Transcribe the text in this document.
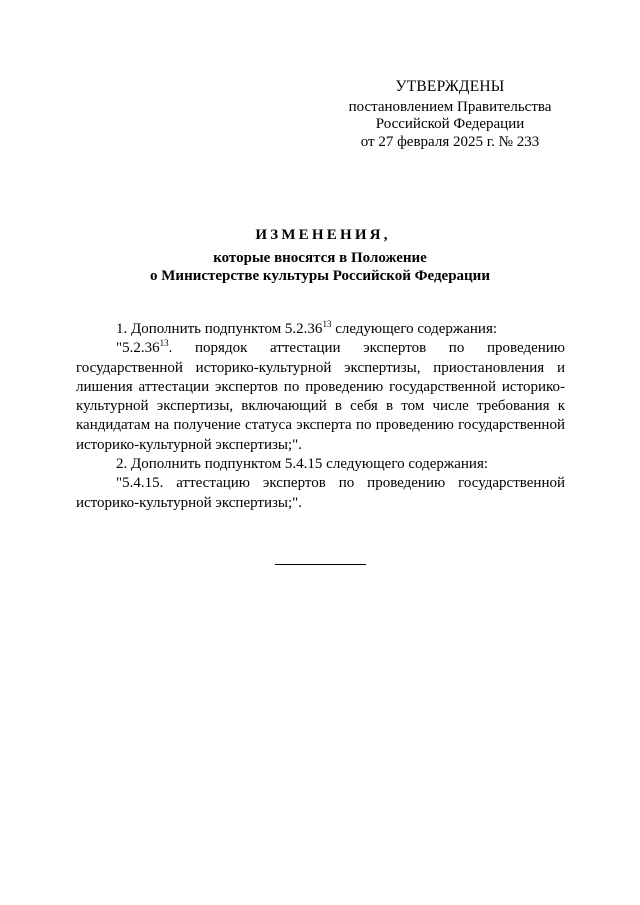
УТВЕРЖДЕНЫ
постановлением Правительства
Российской Федерации
от 27 февраля 2025 г. № 233
ИЗМЕНЕНИЯ,
которые вносятся в Положение
о Министерстве культуры Российской Федерации

1. Дополнить подпунктом 5.2.36$^{13}$ следующего содержания:

"5.2.36$^{13}$. порядок аттестации экспертов по проведению государственной историко-культурной экспертизы, приостановления и лишения аттестации экспертов по проведению государственной историко-культурной экспертизы, включающий в себя в том числе требования к кандидатам на получение статуса эксперта по проведению государственной историко-культурной экспертизы;".

2. Дополнить подпунктом 5.4.15 следующего содержания:

"5.4.15. аттестацию экспертов по проведению государственной историко-культурной экспертизы;".
